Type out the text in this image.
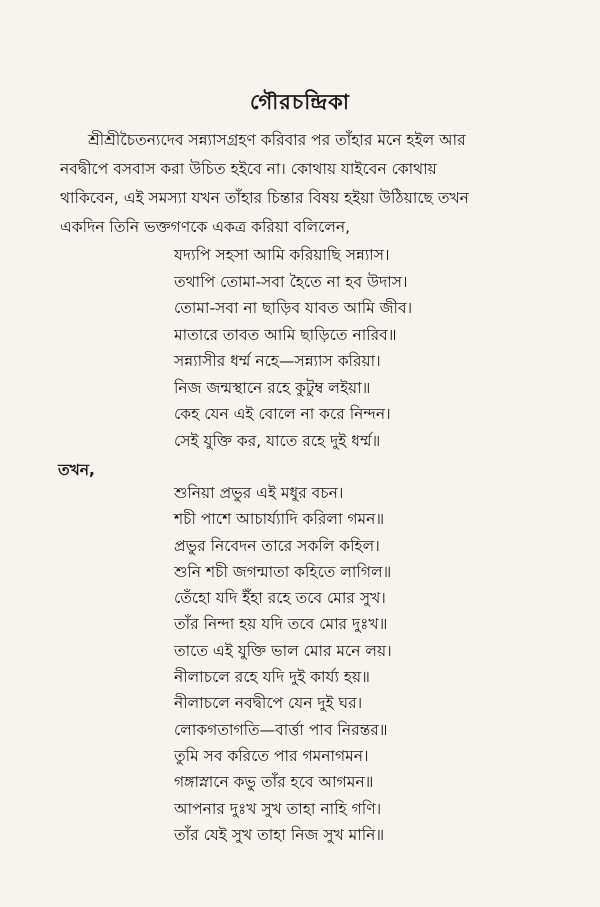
গৌরচন্দ্রিকা

শ্রীশ্রীচৈতন্যদেব সন্ন্যাসগ্রহণ করিবার পর তাঁহার মনে হইল আর

নবদ্বীপে বসবাস করা উচিত হইবে না। কোথায় যাইবেন কোথায়

থাকিবেন, এই সমস্যা যখন তাঁহার চিন্তার বিষয় হইয়া উঠিয়াছে তখন

একদিন তিনি ভক্তগণকে একত্র করিয়া বলিলেন,

যদ্যপি সহসা আমি করিয়াছি সন্ন্যাস।
তথাপি তোমা-সবা হৈতে না হব উদাস।
তোমা-সবা না ছাড়িব যাবত আমি জীব।
মাতারে তাবত আমি ছাড়িতে নারিব॥
সন্ন্যাসীর ধর্ম্ম নহে—সন্ন্যাস করিয়া।
নিজ জন্মস্থানে রহে কুটুম্ব লইয়া॥
কেহ যেন এই বোলে না করে নিন্দন।
সেই যুক্তি কর, যাতে রহে দুই ধর্ম্ম॥
তখন,
শুনিয়া প্রভুর এই মধুর বচন।
শচী পাশে আচার্য্যাদি করিলা গমন॥
প্রভুর নিবেদন তারে সকলি কহিল।
শুনি শচী জগন্মাতা কহিতে লাগিল॥
তেঁহো যদি ইঁহা রহে তবে মোর সুখ।
তাঁর নিন্দা হয় যদি তবে মোর দুঃখ॥
তাতে এই যুক্তি ভাল মোর মনে লয়।
নীলাচলে রহে যদি দুই কার্য্য হয়॥
নীলাচলে নবদ্বীপে যেন দুই ঘর।
লোকগতাগতি—বার্ত্তা পাব নিরন্তর॥
তুমি সব করিতে পার গমনাগমন।
গঙ্গাস্নানে কভু তাঁর হবে আগমন॥
আপনার দুঃখ সুখ তাহা নাহি গণি।
তাঁর যেই সুখ তাহা নিজ সুখ মানি॥
